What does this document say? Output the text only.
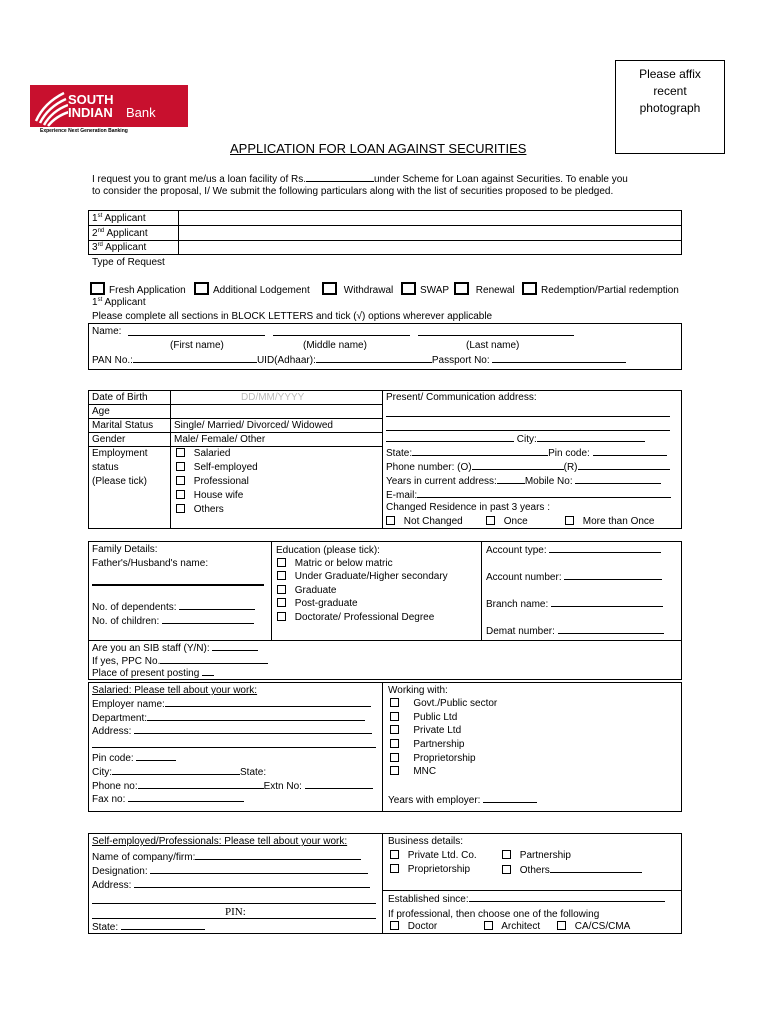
SOUTH
INDIAN Bank
Experience Next Generation Banking
Please affix
recent
photograph
APPLICATION FOR LOAN AGAINST SECURITIES
I request you to grant me/us a loan facility of Rs.	under Scheme for Loan against Securities. To enable you
to consider the proposal, I/ We submit the following particulars along with the list of securities proposed to be pledged.
1st Applicant
2nd Applicant
3rd Applicant
Type of Request
Fresh Application	Additional Lodgement	Withdrawal	SWAP	Renewal	Redemption/Partial redemption
1st Applicant
Please complete all sections in BLOCK LETTERS and tick (√) options wherever applicable
Name:
(First name)	(Middle name)	(Last name)
PAN No.:	UID(Adhaar):	Passport No:
Date of Birth	DD/MM/YYYY
Age
Marital Status Single/ Married/ Divorced/ Widowed
Gender	Male/ Female/ Other
Employment
status
(Please tick)
Salaried
Self-employed
Professional
House wife
Others
Present/ Communication address:
City:
State:	Pin code:
Phone number: (O)	(R)
Years in current address:	Mobile No:
E-mail:
Changed Residence in past 3 years :
Not Changed	Once	More than Once
Family Details:
Father's/Husband's name:
No. of dependents:
No. of children:
Education (please tick):
Matric or below matric
Under Graduate/Higher secondary
Graduate
Post-graduate
Doctorate/ Professional Degree
Account type:
Account number:
Branch name:
Demat number:
Are you an SIB staff (Y/N):
If yes, PPC No.
Place of present posting
Salaried: Please tell about your work:
Employer name:
Department:
Address:
Pin code:
City:	State:
Phone no:	Extn No:
Fax no:
Working with:
Govt./Public sector
Public Ltd
Private Ltd
Partnership
Proprietorship
MNC
Years with employer:
Self-employed/Professionals: Please tell about your work:
Name of company/firm:
Designation:
Address:
PIN:
State:
Business details:
Private Ltd. Co.	Partnership
Proprietorship	Others
Established since:
If professional, then choose one of the following
Doctor	Architect	CA/CS/CMA
